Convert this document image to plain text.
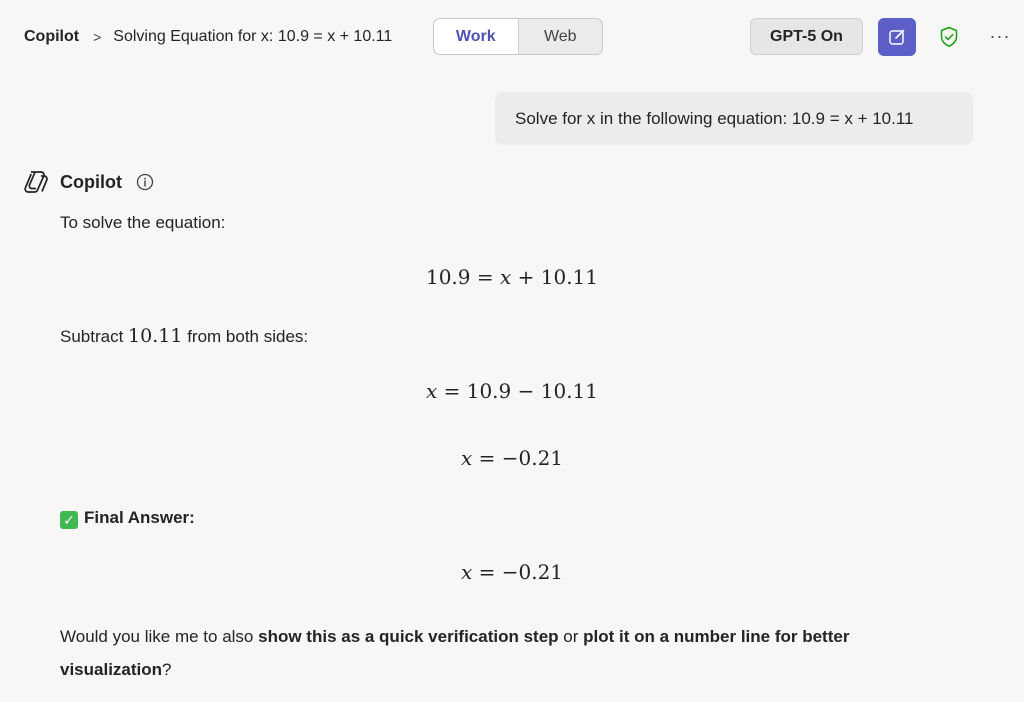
Copilot > Solving Equation for x: 10.9 = x + 10.11	Work	Web	GPT-5 On	···
Solve for x in the following equation: 10.9 = x + 10.11
Copilot
To solve the equation:
10.9 = x + 10.11
Subtract 10.11 from both sides:
x = 10.9 − 10.11
x = −0.21
✓ Final Answer:
x = −0.21
Would you like me to also show this as a quick verification step or plot it on a number line for better visualization?
